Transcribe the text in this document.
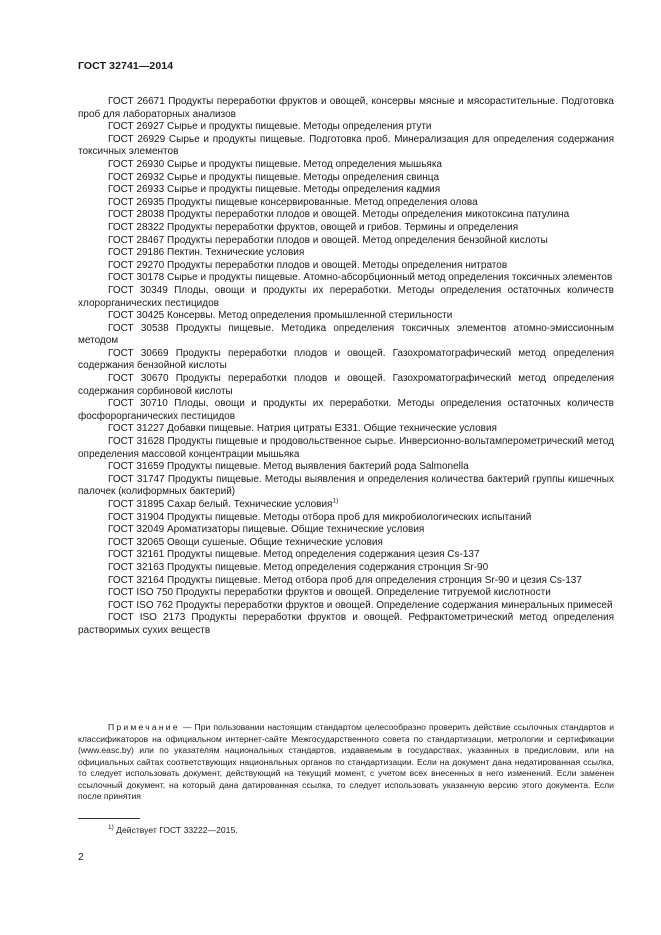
ГОСТ 32741—2014

ГОСТ 26671 Продукты переработки фруктов и овощей, консервы мясные и мясорастительные. Подготовка проб для лабораторных анализов

ГОСТ 26927 Сырье и продукты пищевые. Методы определения ртути

ГОСТ 26929 Сырье и продукты пищевые. Подготовка проб. Минерализация для определения содержания токсичных элементов

ГОСТ 26930 Сырье и продукты пищевые. Метод определения мышьяка

ГОСТ 26932 Сырье и продукты пищевые. Методы определения свинца

ГОСТ 26933 Сырье и продукты пищевые. Методы определения кадмия

ГОСТ 26935 Продукты пищевые консервированные. Метод определения олова

ГОСТ 28038 Продукты переработки плодов и овощей. Методы определения микотоксина патулина

ГОСТ 28322 Продукты переработки фруктов, овощей и грибов. Термины и определения

ГОСТ 28467 Продукты переработки плодов и овощей. Метод определения бензойной кислоты

ГОСТ 29186 Пектин. Технические условия

ГОСТ 29270 Продукты переработки плодов и овощей. Методы определения нитратов

ГОСТ 30178 Сырье и продукты пищевые. Атомно-абсорбционный метод определения токсичных элементов

ГОСТ 30349 Плоды, овощи и продукты их переработки. Методы определения остаточных количеств хлорорганических пестицидов

ГОСТ 30425 Консервы. Метод определения промышленной стерильности

ГОСТ 30538 Продукты пищевые. Методика определения токсичных элементов атомно-эмиссионным методом

ГОСТ 30669 Продукты переработки плодов и овощей. Газохроматографический метод определения содержания бензойной кислоты

ГОСТ 30670 Продукты переработки плодов и овощей. Газохроматографический метод определения содержания сорбиновой кислоты

ГОСТ 30710 Плоды, овощи и продукты их переработки. Методы определения остаточных количеств фосфорорганических пестицидов

ГОСТ 31227 Добавки пищевые. Натрия цитраты Е331. Общие технические условия

ГОСТ 31628 Продукты пищевые и продовольственное сырье. Инверсионно-вольтамперометрический метод определения массовой концентрации мышьяка

ГОСТ 31659 Продукты пищевые. Метод выявления бактерий рода Salmonella

ГОСТ 31747 Продукты пищевые. Методы выявления и определения количества бактерий группы кишечных палочек (колиформных бактерий)

ГОСТ 31895 Сахар белый. Технические условия$^{1)}$

ГОСТ 31904 Продукты пищевые. Методы отбора проб для микробиологических испытаний

ГОСТ 32049 Ароматизаторы пищевые. Общие технические условия

ГОСТ 32065 Овощи сушеные. Общие технические условия

ГОСТ 32161 Продукты пищевые. Метод определения содержания цезия Cs-137

ГОСТ 32163 Продукты пищевые. Метод определения содержания стронция Sr-90

ГОСТ 32164 Продукты пищевые. Метод отбора проб для определения стронция Sr-90 и цезия Cs-137

ГОСТ ISO 750 Продукты переработки фруктов и овощей. Определение титруемой кислотности

ГОСТ ISO 762 Продукты переработки фруктов и овощей. Определение содержания минеральных примесей

ГОСТ ISO 2173 Продукты переработки фруктов и овощей. Рефрактометрический метод определения растворимых сухих веществ

Примечание — При пользовании настоящим стандартом целесообразно проверить действие ссылочных стандартов и классификаторов на официальном интернет-сайте Межгосударственного совета по стандартизации, метрологии и сертификации (www.easc.by) или по указателям национальных стандартов, издаваемым в государствах, указанных в предисловии, или на официальных сайтах соответствующих национальных органов по стандартизации. Если на документ дана недатированная ссылка, то следует использовать документ, действующий на текущий момент, с учетом всех внесенных в него изменений. Если заменен ссылочный документ, на который дана датированная ссылка, то следует использовать указанную версию этого документа. Если после принятия

$^{1)}$ Действует ГОСТ 33222—2015.
2
